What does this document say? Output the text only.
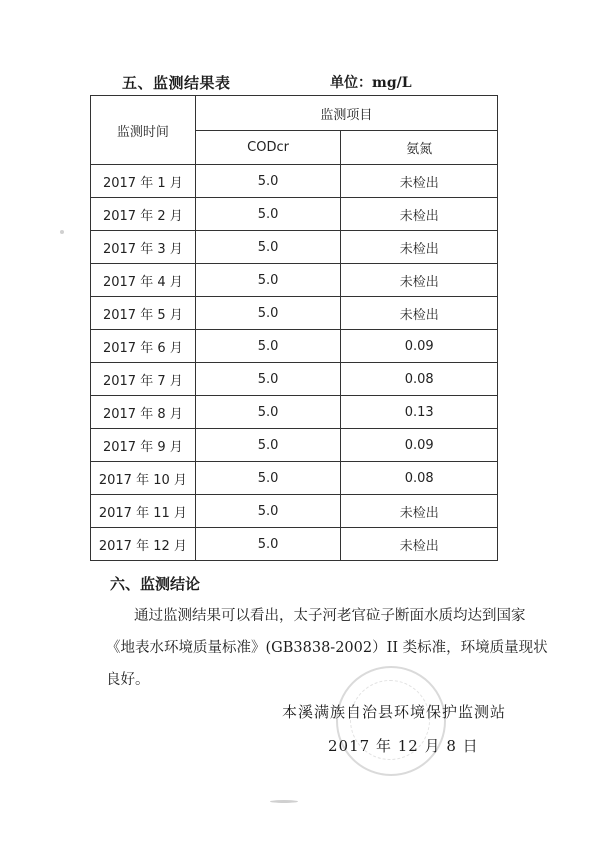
五、监测结果表	单位：mg/L
监测时间	监测项目	
	CODcr	氨氮
2017 年 1 月	5.0	未检出
2017 年 2 月	5.0	未检出
2017 年 3 月	5.0	未检出
2017 年 4 月	5.0	未检出
2017 年 5 月	5.0	未检出
2017 年 6 月	5.0	0.09
2017 年 7 月	5.0	0.08
2017 年 8 月	5.0	0.13
2017 年 9 月	5.0	0.09
2017 年 10 月	5.0	0.08
2017 年 11 月	5.0	未检出
2017 年 12 月	5.0	未检出
六、监测结论
通过监测结果可以看出，太子河老官砬子断面水质均达到国家
《地表水环境质量标准》(GB3838-2002）II 类标准，环境质量现状
良好。
本溪满族自治县环境保护监测站
2017 年 12 月 8 日
